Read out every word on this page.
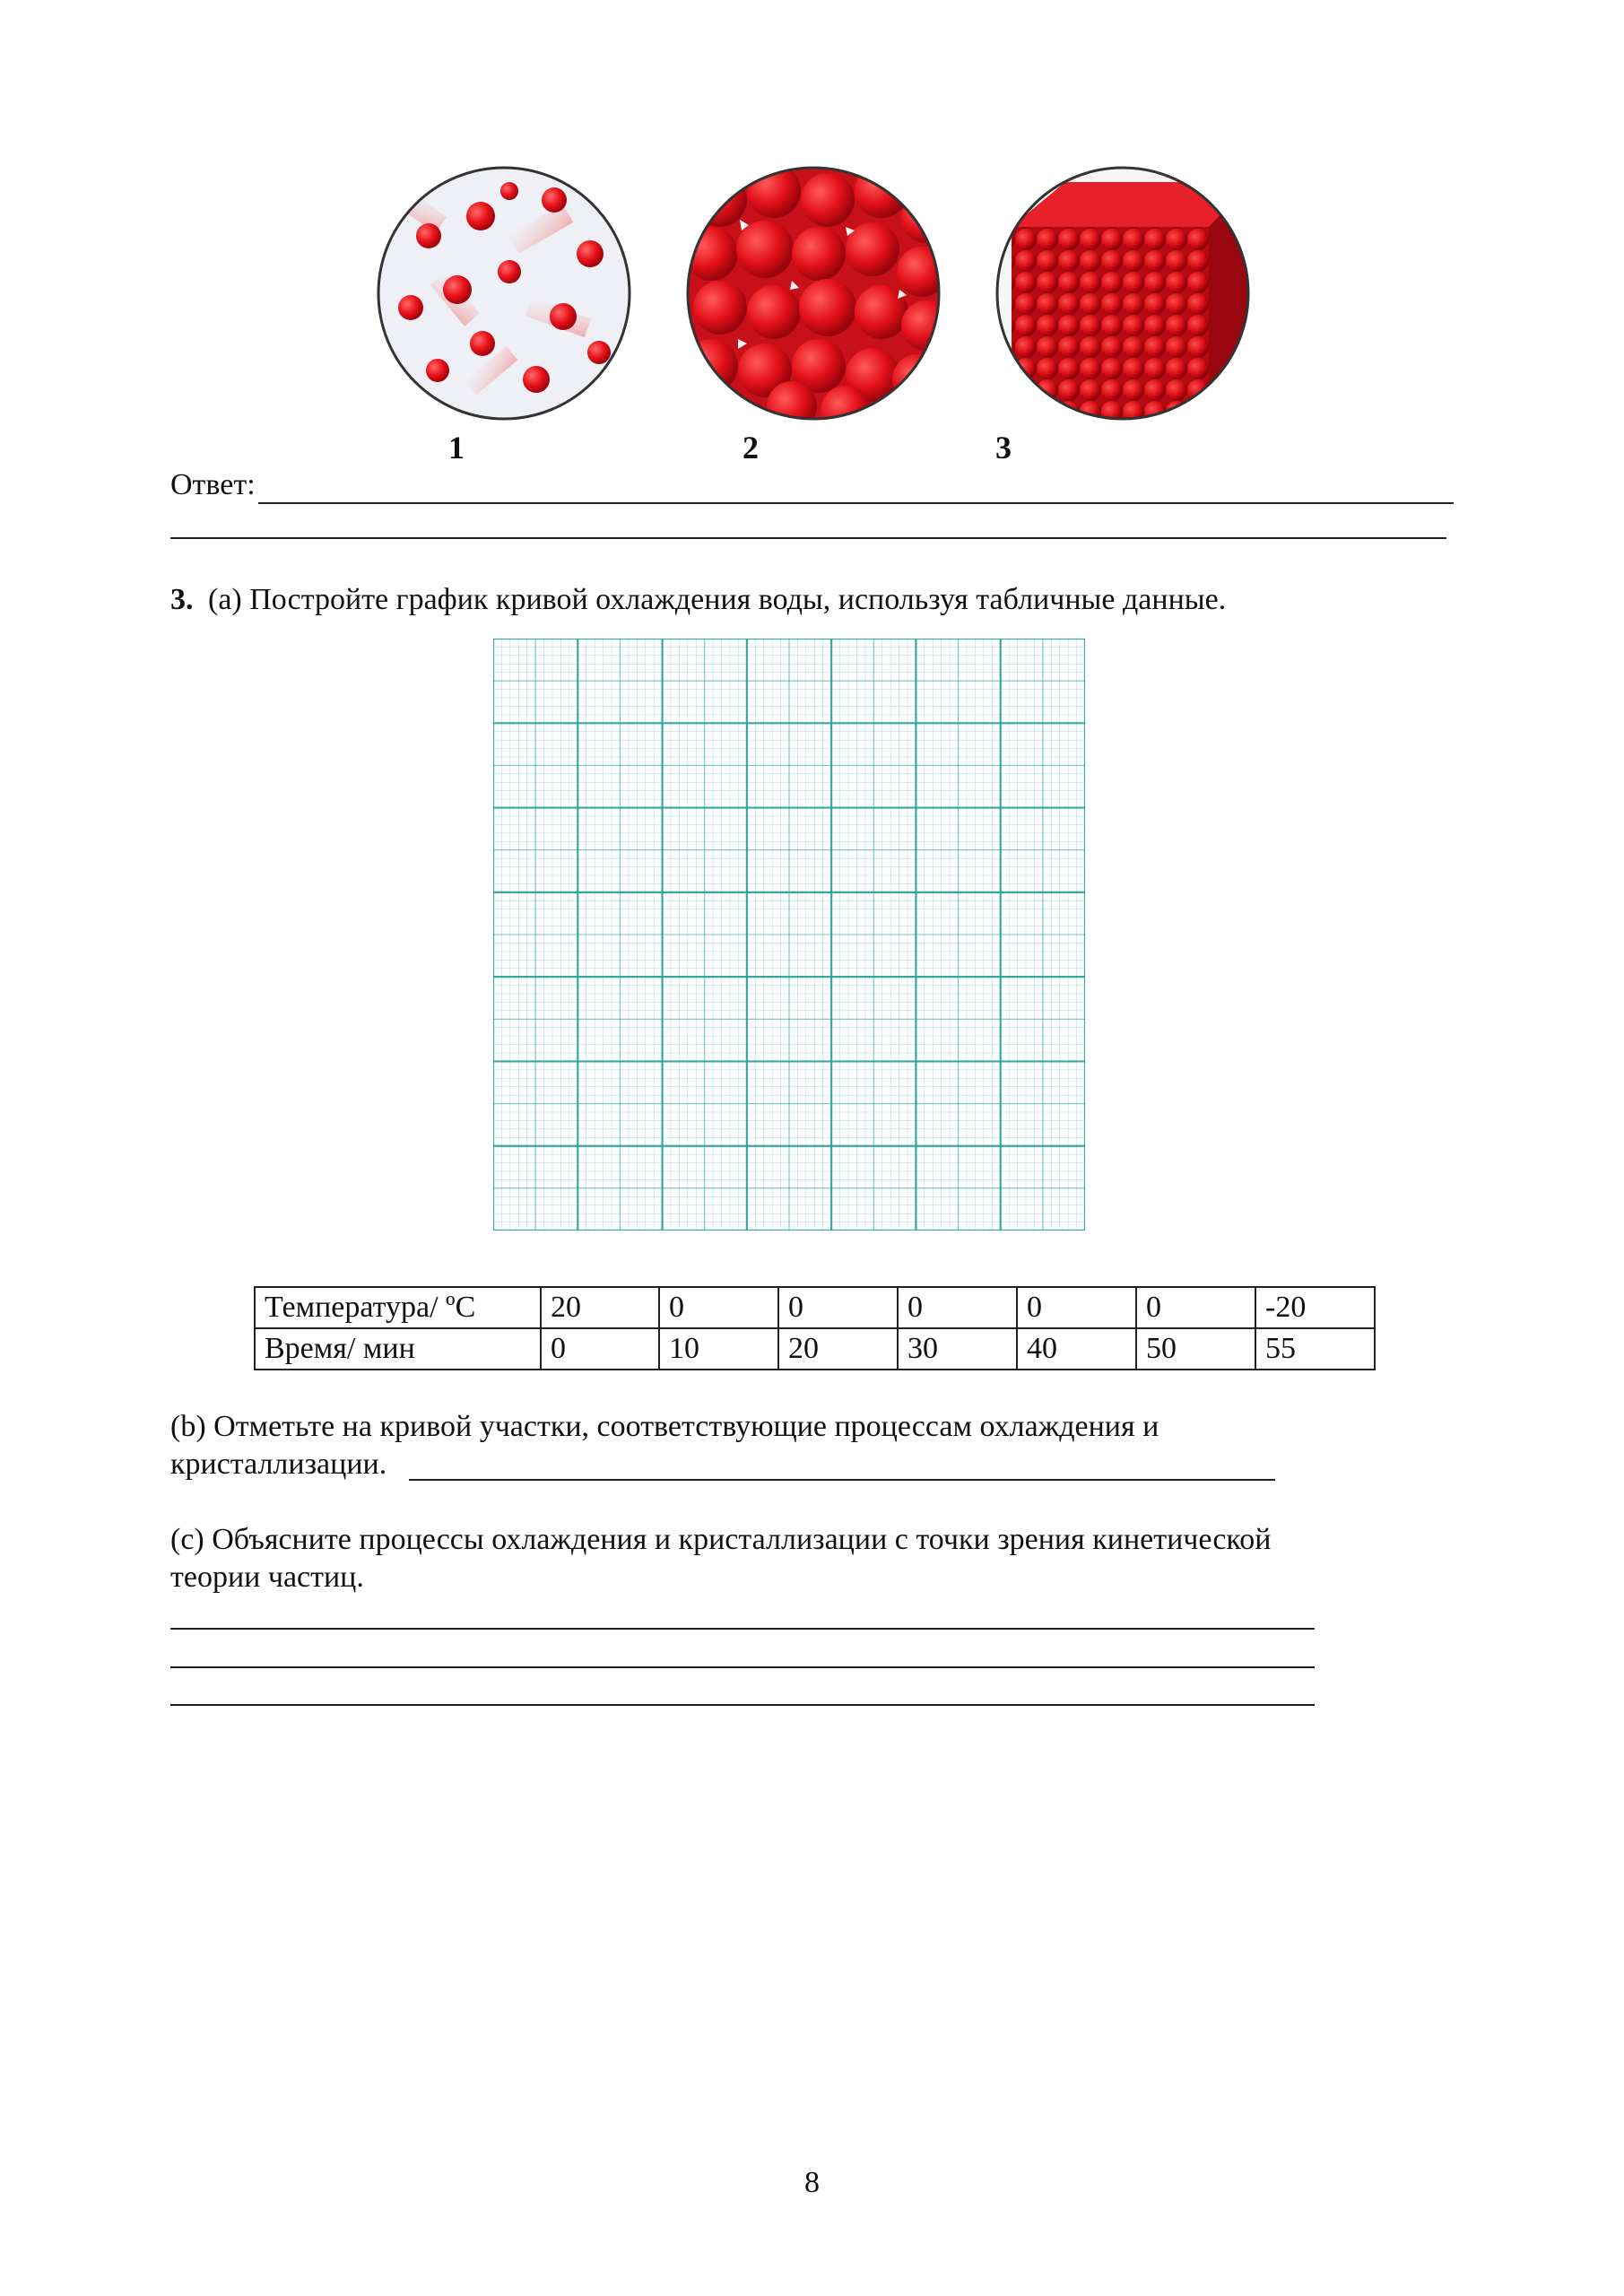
1	2	3
Ответ:
3. (a) Постройте график кривой охлаждения воды, используя табличные данные.
Температура/ ºС	20	0	0	0	0	0	-20
Время/ мин	0	10	20	30	40	50	55
(b) Отметьте на кривой участки, соответствующие процессам охлаждения и
кристаллизации.
(c) Объясните процессы охлаждения и кристаллизации с точки зрения кинетической
теории частиц.
8
